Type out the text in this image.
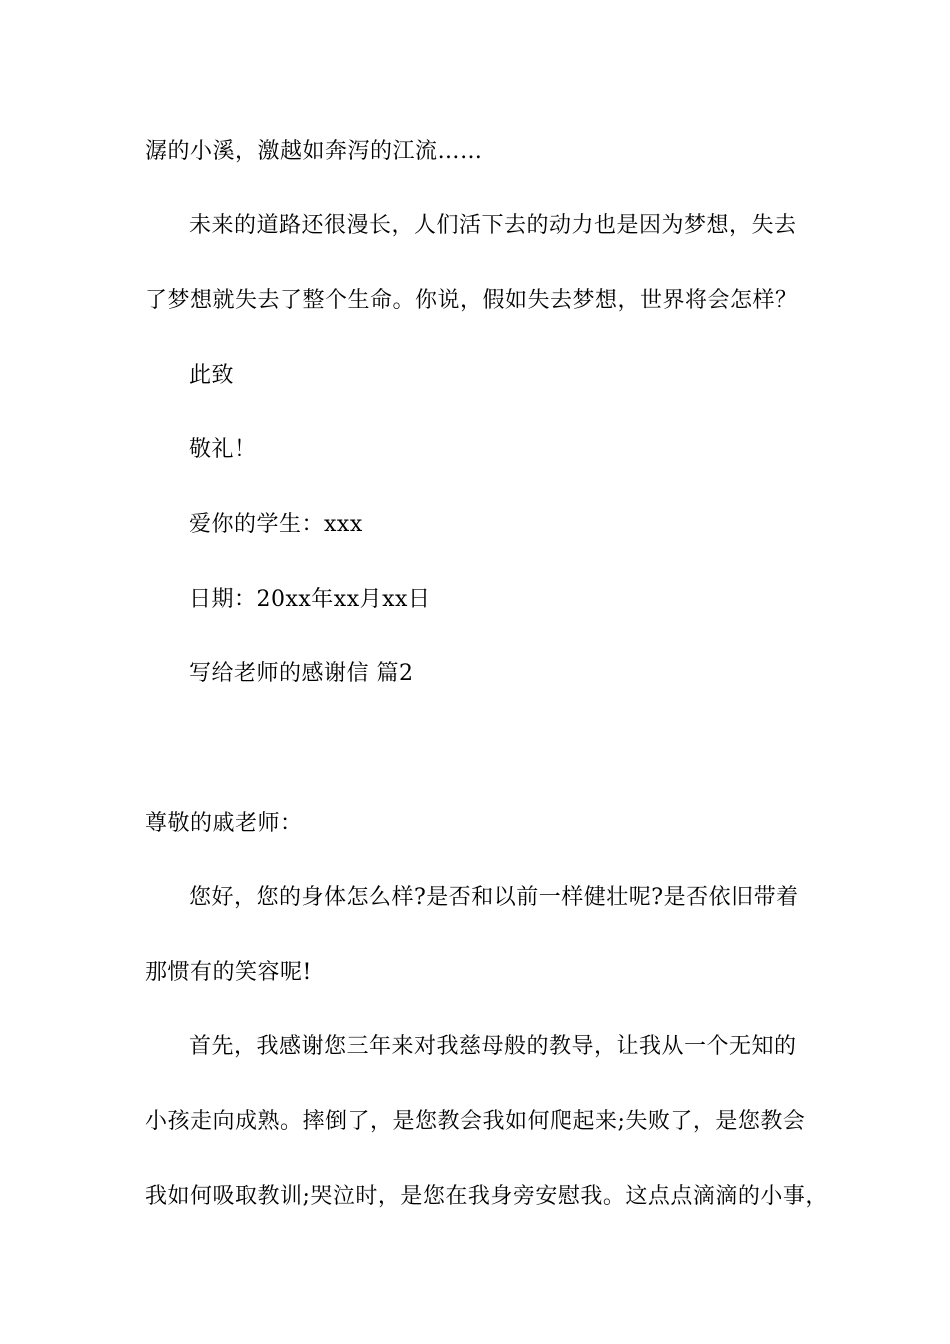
潺的小溪，激越如奔泻的江流……
未来的道路还很漫长，人们活下去的动力也是因为梦想，失去
了梦想就失去了整个生命。你说，假如失去梦想，世界将会怎样？
此致
敬礼！
爱你的学生：xxx
日期：20xx年xx月xx日
写给老师的感谢信 篇2
尊敬的戚老师：
您好，您的身体怎么样?是否和以前一样健壮呢?是否依旧带着
那惯有的笑容呢!
首先，我感谢您三年来对我慈母般的教导，让我从一个无知的
小孩走向成熟。摔倒了，是您教会我如何爬起来;失败了，是您教会
我如何吸取教训;哭泣时，是您在我身旁安慰我。这点点滴滴的小事，
